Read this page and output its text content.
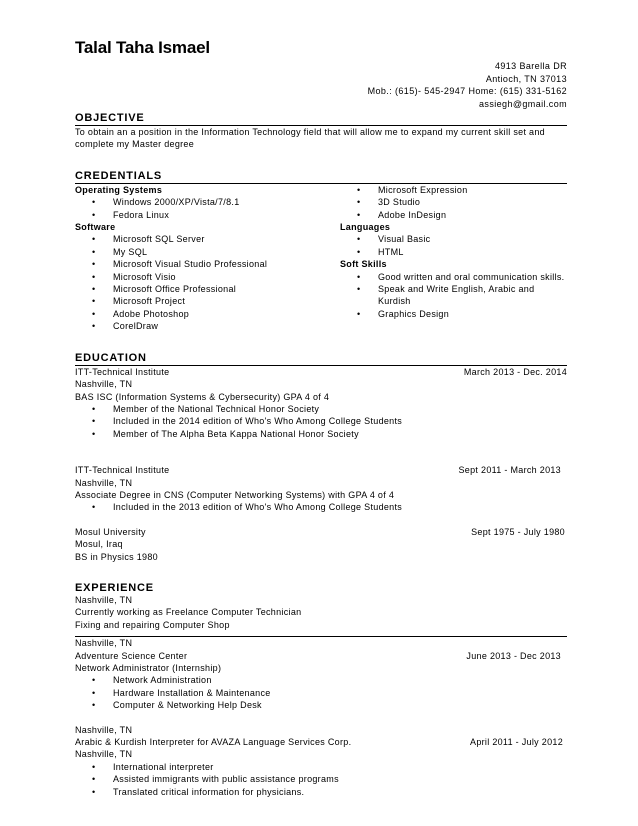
Talal Taha Ismael
4913 Barella DR
Antioch, TN 37013
Mob.: (615)- 545-2947 Home: (615) 331-5162
assiegh@gmail.com
OBJECTIVE
To obtain an a position in the Information Technology field that will allow me to expand my current skill set and
complete my Master degree
CREDENTIALS
Operating Systems
• Windows 2000/XP/Vista/7/8.1
• Fedora Linux
Software
• Microsoft SQL Server
• My SQL
• Microsoft Visual Studio Professional
• Microsoft Visio
• Microsoft Office Professional
• Microsoft Project
• Adobe Photoshop
• CorelDraw
• Microsoft Expression
• 3D Studio
• Adobe InDesign
Languages
• Visual Basic
• HTML
Soft Skills
• Good written and oral communication skills.
• Speak and Write English, Arabic and Kurdish
• Graphics Design
EDUCATION
ITT-Technical Institute	March 2013 - Dec. 2014
Nashville, TN
BAS ISC (Information Systems & Cybersecurity) GPA 4 of 4
• Member of the National Technical Honor Society
• Included in the 2014 edition of Who's Who Among College Students
• Member of The Alpha Beta Kappa National Honor Society
ITT-Technical Institute	Sept 2011 - March 2013
Nashville, TN
Associate Degree in CNS (Computer Networking Systems) with GPA 4 of 4
• Included in the 2013 edition of Who's Who Among College Students
Mosul University	Sept 1975 - July 1980
Mosul, Iraq
BS in Physics 1980
EXPERIENCE
Nashville, TN
Currently working as Freelance Computer Technician
Fixing and repairing Computer Shop
Nashville, TN
Adventure Science Center	June 2013 - Dec 2013
Network Administrator (Internship)
• Network Administration
• Hardware Installation & Maintenance
• Computer & Networking Help Desk
Nashville, TN
Arabic & Kurdish Interpreter for AVAZA Language Services Corp.	April 2011 - July 2012
Nashville, TN
• International interpreter
• Assisted immigrants with public assistance programs
• Translated critical information for physicians.
